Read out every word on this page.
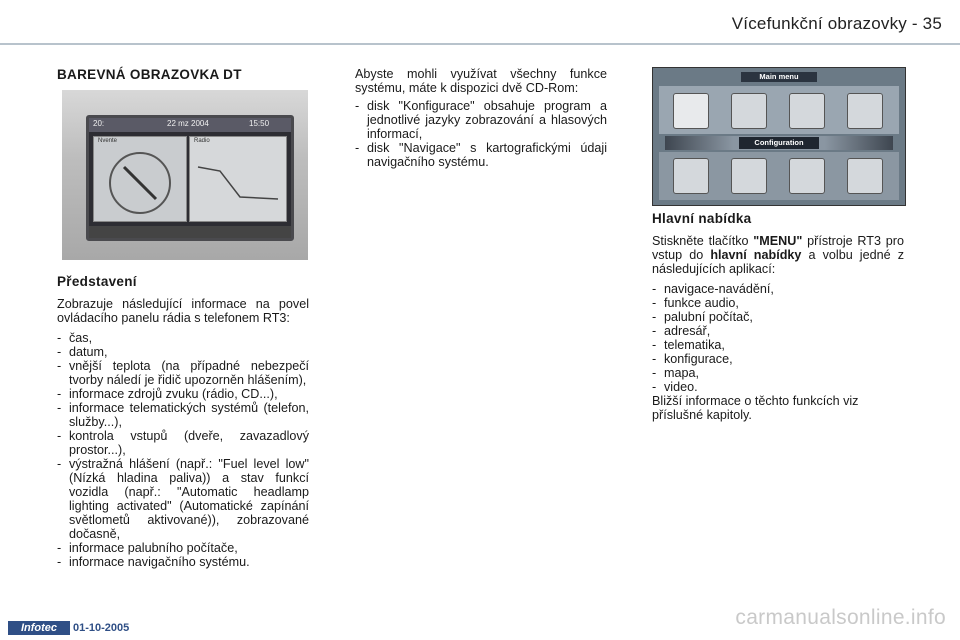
Vícefunkční obrazovky - 35
BAREVNÁ OBRAZOVKA DT
20:	22 mz 2004	15:50
Nvente	Radio
Představení
Zobrazuje následující informace na povel ovládacího panelu rádia s telefonem RT3:
- čas,
- datum,
- vnější teplota (na případné nebezpečí tvorby náledí je řidič upozorněn hlášením),
- informace zdrojů zvuku (rádio, CD...),
- informace telematických systémů (telefon, služby...),
- kontrola vstupů (dveře, zavazadlový prostor...),
- výstražná hlášení (např.: "Fuel level low" (Nízká hladina paliva)) a stav funkcí vozidla (např.: "Automatic headlamp lighting activated" (Automatické zapínání světlometů aktivované)), zobrazované dočasně,
- informace palubního počítače,
- informace navigačního systému.
Abyste mohli využívat všechny funkce systému, máte k dispozici dvě CD-Rom:
- disk "Konfigurace" obsahuje program a jednotlivé jazyky zobrazování a hlasových informací,
- disk "Navigace" s kartografickými údaji navigačního systému.
Main menu
Configuration
Hlavní nabídka
Stiskněte tlačítko "MENU" přístroje RT3 pro vstup do hlavní nabídky a volbu jedné z následujících aplikací:
- navigace-navádění,
- funkce audio,
- palubní počítač,
- adresář,
- telematika,
- konfigurace,
- mapa,
- video.
Bližší informace o těchto funkcích viz příslušné kapitoly.
Infotec	01-10-2005	carmanualsonline.info
